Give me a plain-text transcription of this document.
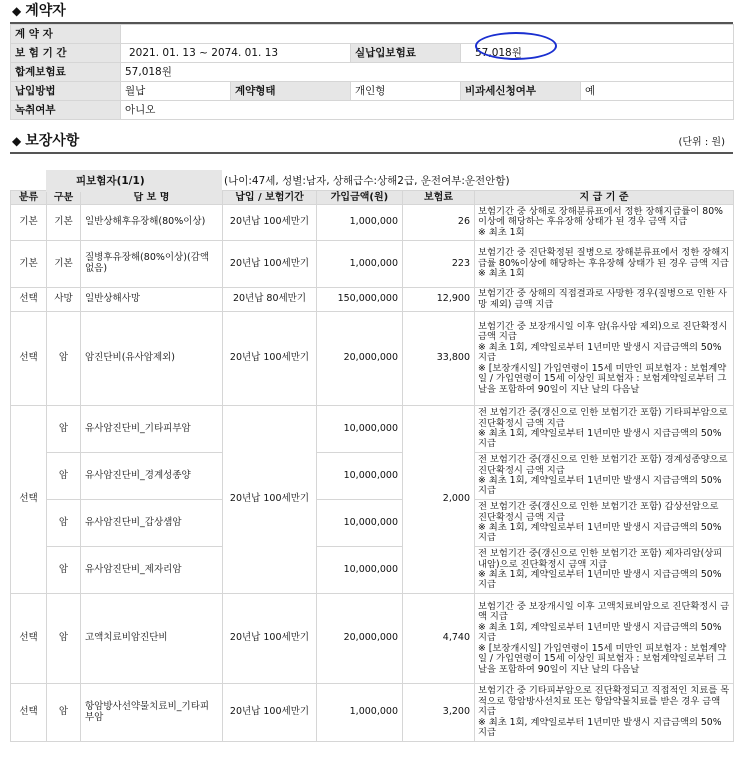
◆ 계약자
계 약 자					
보 험 기 간	2021. 01. 13 ~ 2074. 01. 13		실납입보험료	57,018원	
합계보험료	57,018원				
납입방법	월납	계약형태	개인형	비과세신청여부	예
녹취여부	아니오				
◆ 보장사항	(단위 : 원)
피보험자(1/1)	(나이:47세, 성별:남자, 상해급수:상해2급, 운전여부:운전안함)
분류	구분	담 보 명	납입 / 보험기간	가입금액(원)	보험료	지 급 기 준
기본	기본	일반상해후유장해(80%이상)	20년납 100세만기	1,000,000	26	보험기간 중 상해로 장해분류표에서 정한 장해지급률이 80%이상에 해당하는 후유장해 상태가 된 경우 금액 지급
※ 최초 1회
기본	기본	질병후유장해(80%이상)(감액없음)	20년납 100세만기	1,000,000	223	보험기간 중 진단확정된 질병으로 장해분류표에서 정한 장해지급률 80%이상에 해당하는 후유장해 상태가 된 경우 금액 지급
※ 최초 1회
선택	사망	일반상해사망	20년납 80세만기	150,000,000	12,900	보험기간 중 상해의 직접결과로 사망한 경우(질병으로 인한 사망 제외) 금액 지급
선택	암	암진단비(유사암제외)	20년납 100세만기	20,000,000	33,800	보험기간 중 보장개시일 이후 암(유사암 제외)으로 진단확정시 금액 지급
※ 최초 1회, 계약일로부터 1년미만 발생시 지급금액의 50%지급
※ [보장개시일] 가입연령이 15세 미만인 피보험자 : 보험계약일 / 가입연령이 15세 이상인 피보험자 : 보험계약일로부터 그날을 포함하여 90일이 지난 날의 다음날
선택	암	유사암진단비_기타피부암	20년납 100세만기	10,000,000	2,000	전 보험기간 중(갱신으로 인한 보험기간 포함) 기타피부암으로 진단확정시 금액 지급
※ 최초 1회, 계약일로부터 1년미만 발생시 지급금액의 50%지급
	암	유사암진단비_경계성종양		10,000,000		전 보험기간 중(갱신으로 인한 보험기간 포함) 경계성종양으로 진단확정시 금액 지급
※ 최초 1회, 계약일로부터 1년미만 발생시 지급금액의 50%지급
	암	유사암진단비_갑상샘암		10,000,000		전 보험기간 중(갱신으로 인한 보험기간 포함) 갑상선암으로 진단확정시 금액 지급
※ 최초 1회, 계약일로부터 1년미만 발생시 지급금액의 50%지급
	암	유사암진단비_제자리암		10,000,000		전 보험기간 중(갱신으로 인한 보험기간 포함) 제자리암(상피내암)으로 진단확정시 금액 지급
※ 최초 1회, 계약일로부터 1년미만 발생시 지급금액의 50%지급
선택	암	고액치료비암진단비	20년납 100세만기	20,000,000	4,740	보험기간 중 보장개시일 이후 고액치료비암으로 진단확정시 금액 지급
※ 최초 1회, 계약일로부터 1년미만 발생시 지급금액의 50%지급
※ [보장개시일] 가입연령이 15세 미만인 피보험자 : 보험계약일 / 가입연령이 15세 이상인 피보험자 : 보험계약일로부터 그날을 포함하여 90일이 지난 날의 다음날
선택	암	항암방사선약물치료비_기타피부암	20년납 100세만기	1,000,000	3,200	보험기간 중 기타피부암으로 진단확정되고 직접적인 치료를 목적으로 항암방사선치료 또는 항암약물치료를 받은 경우 금액 지급
※ 최초 1회, 계약일로부터 1년미만 발생시 지급금액의 50%지급
